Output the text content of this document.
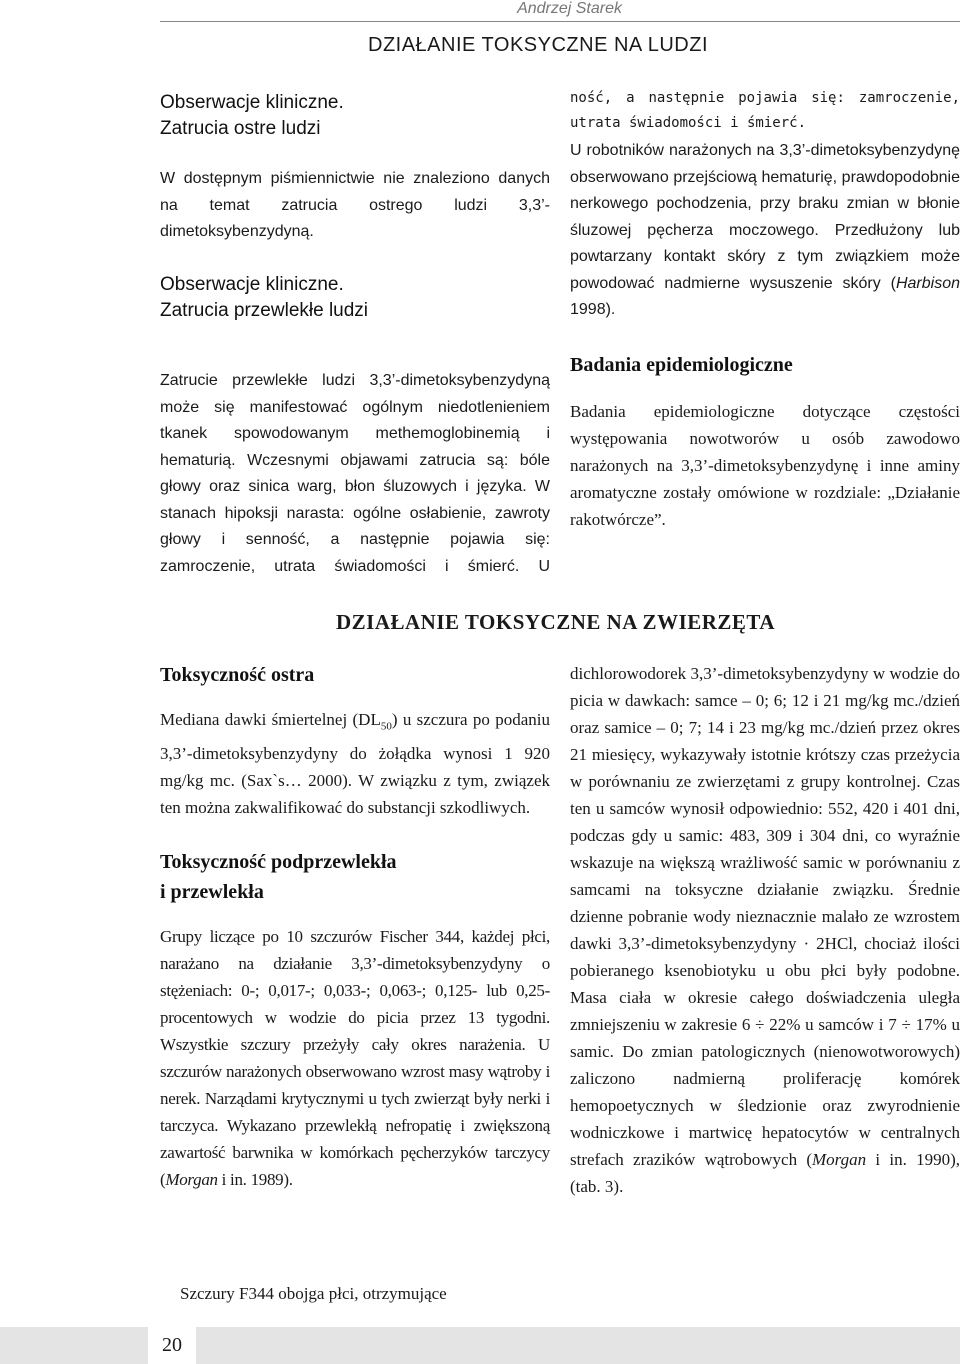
Andrzej Starek
DZIAŁANIE TOKSYCZNE NA LUDZI
Obserwacje kliniczne.
Zatrucia ostre ludzi

W dostępnym piśmiennictwie nie znaleziono danych na temat zatrucia ostrego ludzi 3,3’-dimetoksybenzydyną.

Obserwacje kliniczne.
Zatrucia przewlekłe ludzi
Zatrucie przewlekłe ludzi 3,3’-dimetoksybenzydyną może się manifestować ogólnym niedotlenieniem tkanek spowodowanym methemoglobinemią i hematurią. Wczesnymi objawami zatrucia są: bóle głowy oraz sinica warg, błon śluzowych i języka. W stanach hipoksji narasta: ogólne osłabienie, zawroty głowy i senność, a następnie pojawia się: zamroczenie, utrata świadomości i śmierć. U
ność, a następnie pojawia się: zamroczenie, utrata świadomości i śmierć.

U robotników narażonych na 3,3’-dimetoksybenzydynę obserwowano przejściową hematurię, prawdopodobnie nerkowego pochodzenia, przy braku zmian w błonie śluzowej pęcherza moczowego. Przedłużony lub powtarzany kontakt skóry z tym związkiem może powodować nadmierne wysuszenie skóry (Harbison 1998).

Badania epidemiologiczne

Badania epidemiologiczne dotyczące częstości występowania nowotworów u osób zawodowo narażonych na 3,3’-dimetoksybenzydynę i inne aminy aromatyczne zostały omówione w rozdziale: „Działanie rakotwórcze”.

DZIAŁANIE TOKSYCZNE NA ZWIERZĘTA
Toksyczność ostra

Mediana dawki śmiertelnej $(DL_{50})$ u szczura po podaniu 3,3’-dimetoksybenzydyny do żołądka wynosi 1 920 mg/kg mc. (Sax`s… 2000). W związku z tym, związek ten można zakwalifikować do substancji szkodliwych.

Toksyczność podprzewlekła
i przewlekła

Grupy liczące po 10 szczurów Fischer 344, każdej płci, narażano na działanie 3,3’-dimetoksybenzydyny o stężeniach: 0-; 0,017-; 0,033-; 0,063-; 0,125- lub 0,25-procentowych w wodzie do picia przez 13 tygodni. Wszystkie szczury przeżyły cały okres narażenia. U szczurów narażonych obserwowano wzrost masy wątroby i nerek. Narządami krytycznymi u tych zwierząt były nerki i tarczyca. Wykazano przewlekłą nefropatię i zwiększoną zawartość barwnika w komórkach pęcherzyków tarczycy (Morgan i in. 1989).

Szczury F344 obojga płci, otrzymujące

dichlorowodorek 3,3’-dimetoksybenzydyny w wodzie do picia w dawkach: samce – 0; 6; 12 i 21 mg/kg mc./dzień oraz samice – 0; 7; 14 i 23 mg/kg mc./dzień przez okres 21 miesięcy, wykazywały istotnie krótszy czas przeżycia w porównaniu ze zwierzętami z grupy kontrolnej. Czas ten u samców wynosił odpowiednio: 552, 420 i 401 dni, podczas gdy u samic: 483, 309 i 304 dni, co wyraźnie wskazuje na większą wrażliwość samic w porównaniu z samcami na toksyczne działanie związku. Średnie dzienne pobranie wody nieznacznie malało ze wzrostem dawki 3,3’-dimetoksybenzydyny · 2HCl, chociaż ilości pobieranego ksenobiotyku u obu płci były podobne. Masa ciała w okresie całego doświadczenia uległa zmniejszeniu w zakresie 6 ÷ 22% u samców i 7 ÷ 17% u samic. Do zmian patologicznych (nienowotworowych) zaliczono nadmierną proliferację komórek hemopoetycznych w śledzionie oraz zwyrodnienie wodniczkowe i martwicę hepatocytów w centralnych strefach zrazików wątrobowych (Morgan i in. 1990), (tab. 3).

20
